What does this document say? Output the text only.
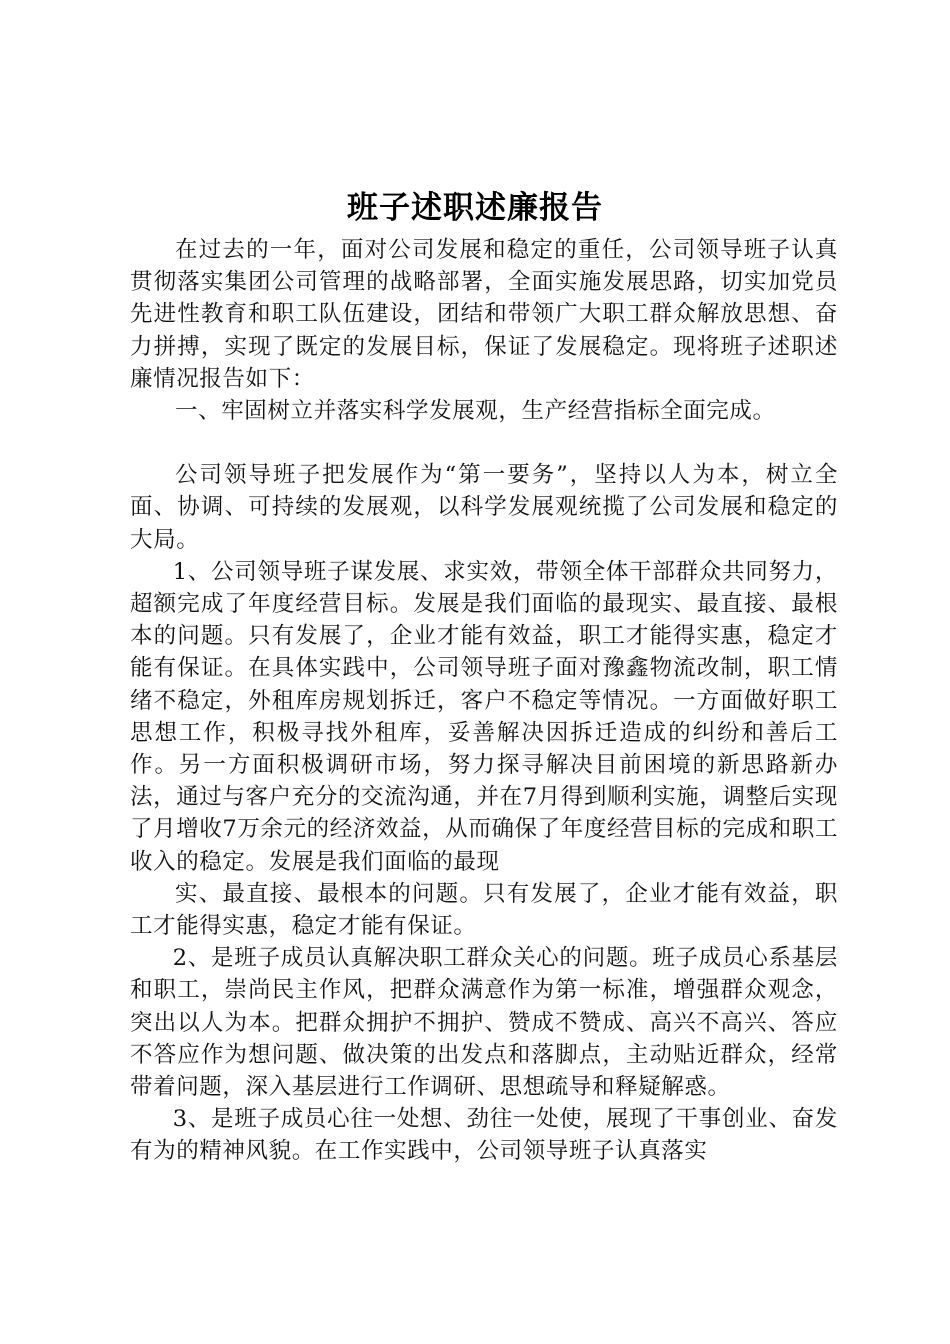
班子述职述廉报告

在过去的一年，面对公司发展和稳定的重任，公司领导班子认真贯彻落实集团公司管理的战略部署，全面实施发展思路，切实加党员先进性教育和职工队伍建设，团结和带领广大职工群众解放思想、奋力拼搏，实现了既定的发展目标，保证了发展稳定。现将班子述职述廉情况报告如下：

一、牢固树立并落实科学发展观，生产经营指标全面完成。

公司领导班子把发展作为“第一要务”，坚持以人为本，树立全面、协调、可持续的发展观，以科学发展观统揽了公司发展和稳定的大局。

1、公司领导班子谋发展、求实效，带领全体干部群众共同努力，超额完成了年度经营目标。发展是我们面临的最现实、最直接、最根本的问题。只有发展了，企业才能有效益，职工才能得实惠，稳定才能有保证。在具体实践中，公司领导班子面对豫鑫物流改制，职工情绪不稳定，外租库房规划拆迁，客户不稳定等情况。一方面做好职工思想工作，积极寻找外租库，妥善解决因拆迁造成的纠纷和善后工作。另一方面积极调研市场，努力探寻解决目前困境的新思路新办法，通过与客户充分的交流沟通，并在7月得到顺利实施，调整后实现了月增收7万余元的经济效益，从而确保了年度经营目标的完成和职工收入的稳定。发展是我们面临的最现

实、最直接、最根本的问题。只有发展了，企业才能有效益，职工才能得实惠，稳定才能有保证。

2、是班子成员认真解决职工群众关心的问题。班子成员心系基层和职工，崇尚民主作风，把群众满意作为第一标准，增强群众观念，突出以人为本。把群众拥护不拥护、赞成不赞成、高兴不高兴、答应不答应作为想问题、做决策的出发点和落脚点，主动贴近群众，经常带着问题，深入基层进行工作调研、思想疏导和释疑解惑。

3、是班子成员心往一处想、劲往一处使，展现了干事创业、奋发有为的精神风貌。在工作实践中，公司领导班子认真落实
